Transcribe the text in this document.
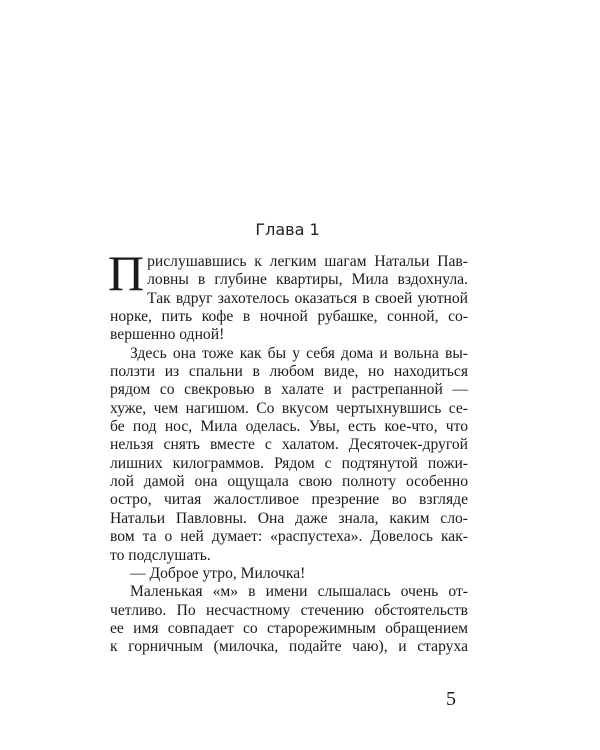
Глава 1
П рислушавшись к легким шагам Натальи Пав-
ловны в глубине квартиры, Мила вздохнула.
Так вдруг захотелось оказаться в своей уютной
норке, пить кофе в ночной рубашке, сонной, со-
вершенно одной!
Здесь она тоже как бы у себя дома и вольна вы-
ползти из спальни в любом виде, но находиться
рядом со свекровью в халате и растрепанной —
хуже, чем нагишом. Со вкусом чертыхнувшись се-
бе под нос, Мила оделась. Увы, есть кое-что, что
нельзя снять вместе с халатом. Десяточек-другой
лишних килограммов. Рядом с подтянутой пожи-
лой дамой она ощущала свою полноту особенно
остро, читая жалостливое презрение во взгляде
Натальи Павловны. Она даже знала, каким сло-
вом та о ней думает: «распустеха». Довелось как-
то подслушать.
— Доброе утро, Милочка!
Маленькая «м» в имени слышалась очень от-
четливо. По несчастному стечению обстоятельств
ее имя совпадает со старорежимным обращением
к горничным (милочка, подайте чаю), и старуха
5
